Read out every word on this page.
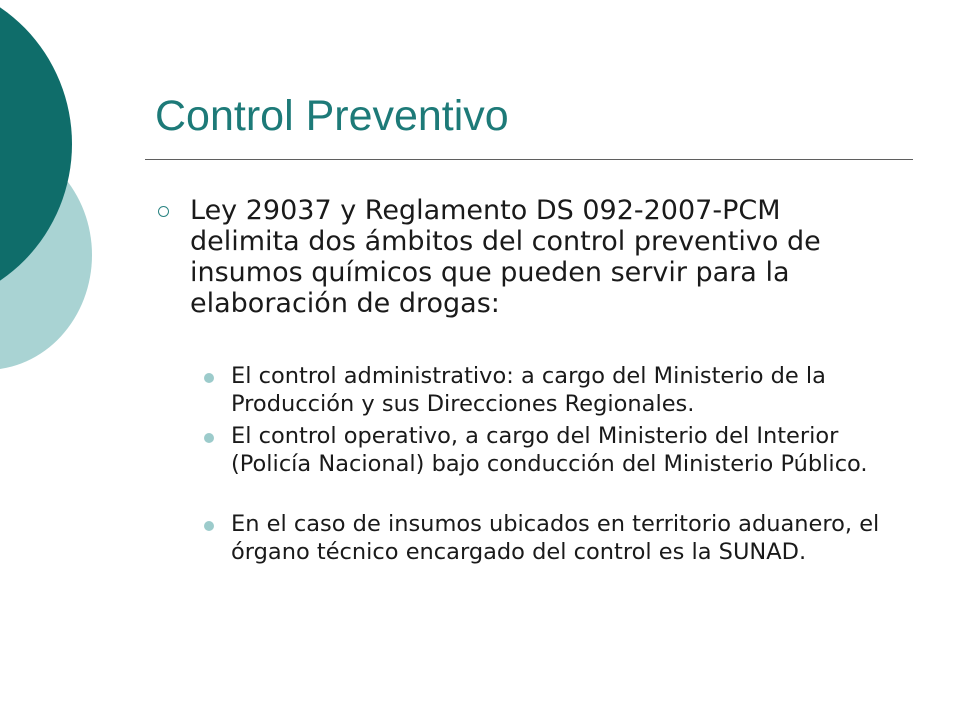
Control Preventivo

Ley 29037 y Reglamento DS 092-2007-PCM delimita dos ámbitos del control preventivo de insumos químicos que pueden servir para la elaboración de drogas:

El control administrativo: a cargo del Ministerio de la Producción y sus Direcciones Regionales.

El control operativo, a cargo del Ministerio del Interior (Policía Nacional) bajo conducción del Ministerio Público.

En el caso de insumos ubicados en territorio aduanero, el órgano técnico encargado del control es la SUNAD.
